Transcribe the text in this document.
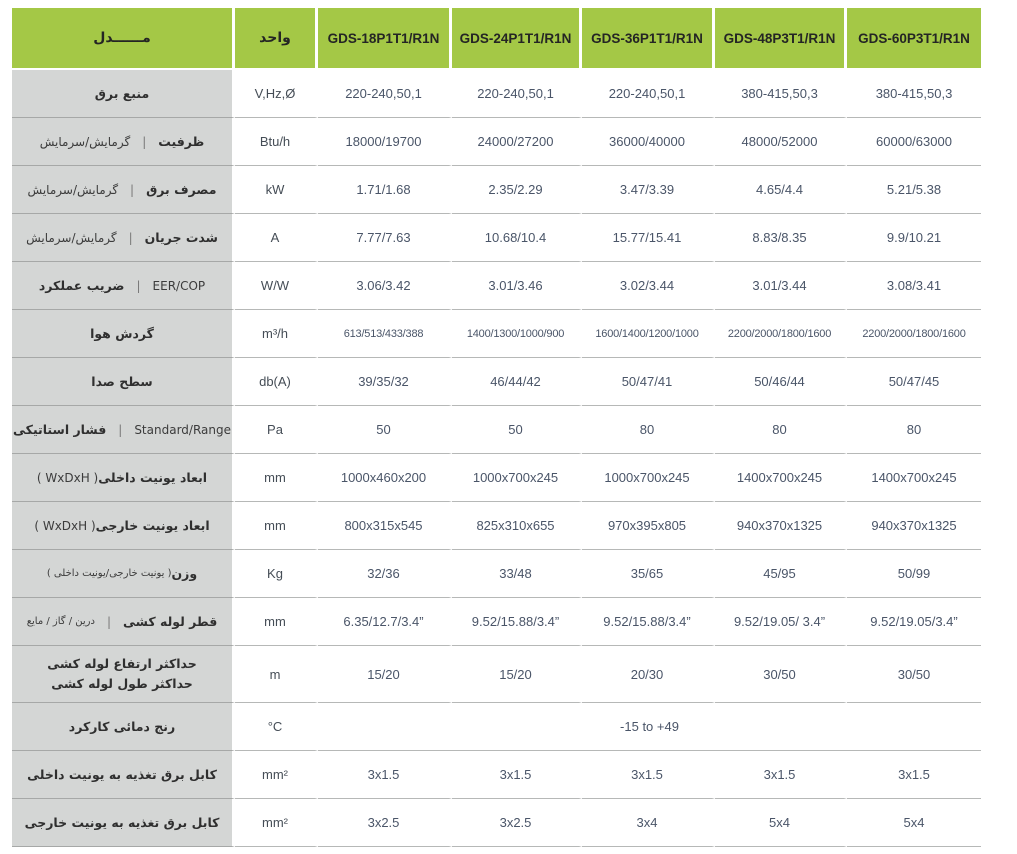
مــــــدل	واحد	GDS-18P1T1/R1N	GDS-24P1T1/R1N	GDS-36P1T1/R1N	GDS-48P3T1/R1N	GDS-60P3T1/R1N

منبع برق	V,Hz,Ø	220-240,50,1	220-240,50,1	220-240,50,1	380-415,50,3	380-415,50,3

گرمایش/سرمایش | ظرفیت	Btu/h	18000/19700	24000/27200	36000/40000	48000/52000	60000/63000

گرمایش/سرمایش | مصرف برق	kW	1.71/1.68	2.35/2.29	3.47/3.39	4.65/4.4	5.21/5.38

گرمایش/سرمایش | شدت جریان	A	7.77/7.63	10.68/10.4	15.77/15.41	8.83/8.35	9.9/10.21

ضریب عملکرد | EER/COP	W/W	3.06/3.42	3.01/3.46	3.02/3.44	3.01/3.44	3.08/3.41

گردش هوا	m³/h	613/513/433/388	1400/1300/1000/900	1600/1400/1200/1000	2200/2000/1800/1600	2200/2000/1800/1600

سطح صدا	db(A)	39/35/32	46/44/42	50/47/41	50/46/44	50/47/45

فشار استاتیکی | Standard/Range	Pa	50	50	80	80	80

( WxDxH ) ابعاد یونیت داخلی	mm	1000x460x200	1000x700x245	1000x700x245	1400x700x245	1400x700x245

( WxDxH ) ابعاد یونیت خارجی	mm	800x315x545	825x310x655	970x395x805	940x370x1325	940x370x1325

( یونیت خارجی/یونیت داخلی ) وزن	Kg	32/36	33/48	35/65	45/95	50/99

درین / گاز / مایع | قطر لوله کشی	mm	6.35/12.7/3.4”	9.52/15.88/3.4”	9.52/15.88/3.4”	9.52/19.05/ 3.4”	9.52/19.05/3.4”

حداکثر ارتفاع لوله کشی
حداکثر طول لوله کشی	m	15/20	15/20	20/30	30/50	30/50

رنج دمائی کارکرد	°C	-15 to +49				

کابل برق تغذیه به یونیت داخلی	mm²	3x1.5	3x1.5	3x1.5	3x1.5	3x1.5

کابل برق تغذیه به یونیت خارجی	mm²	3x2.5	3x2.5	3x4	5x4	5x4
